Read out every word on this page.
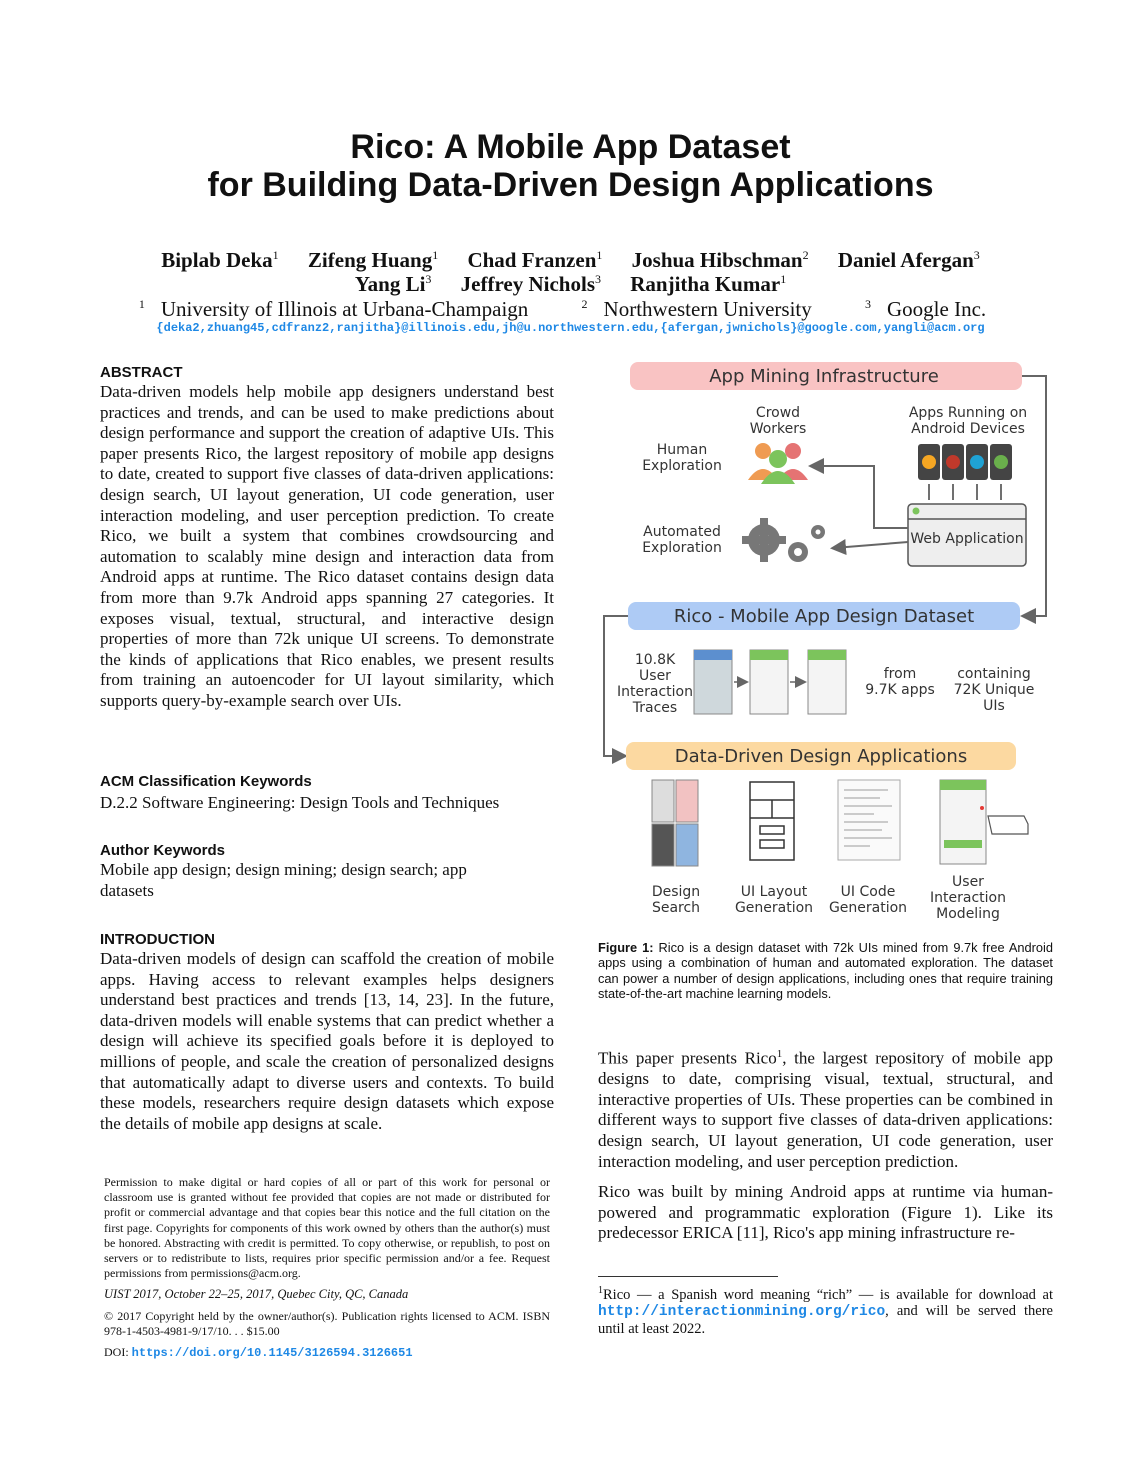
Rico: A Mobile App Dataset
for Building Data-Driven Design Applications
Biplab Deka$^1$ Zifeng Huang$^1$ Chad Franzen$^1$ Joshua Hibschman$^2$ Daniel Afergan$^3$
Yang Li$^3$ Jeffrey Nichols$^3$ Ranjitha Kumar$^1$
$^1$ University of Illinois at Urbana-Champaign	$^2$ Northwestern University	$^3$ Google Inc.
{deka2,zhuang45,cdfranz2,ranjitha}@illinois.edu,jh@u.northwestern.edu,{afergan,jwnichols}@google.com,yangli@acm.org
ABSTRACT

Data-driven models help mobile app designers understand best practices and trends, and can be used to make predictions about design performance and support the creation of adaptive UIs. This paper presents Rico, the largest repository of mobile app designs to date, created to support five classes of data-driven applications: design search, UI layout generation, UI code generation, user interaction modeling, and user perception prediction. To create Rico, we built a system that combines crowdsourcing and automation to scalably mine design and interaction data from Android apps at runtime. The Rico dataset contains design data from more than 9.7k Android apps spanning 27 categories. It exposes visual, textual, structural, and interactive design properties of more than 72k unique UI screens. To demonstrate the kinds of applications that Rico enables, we present results from training an autoencoder for UI layout similarity, which supports query-by-example search over UIs.

ACM Classification Keywords

D.2.2 Software Engineering: Design Tools and Techniques

Author Keywords

Mobile app design; design mining; design search; app datasets

INTRODUCTION

Data-driven models of design can scaffold the creation of mobile apps. Having access to relevant examples helps designers understand best practices and trends [13, 14, 23]. In the future, data-driven models will enable systems that can predict whether a design will achieve its specified goals before it is deployed to millions of people, and scale the creation of personalized designs that automatically adapt to diverse users and contexts. To build these models, researchers require design datasets which expose the details of mobile app designs at scale.

Permission to make digital or hard copies of all or part of this work for personal or classroom use is granted without fee provided that copies are not made or distributed for profit or commercial advantage and that copies bear this notice and the full citation on the first page. Copyrights for components of this work owned by others than the author(s) must be honored. Abstracting with credit is permitted. To copy otherwise, or republish, to post on servers or to redistribute to lists, requires prior specific permission and/or a fee. Request permissions from permissions@acm.org.

UIST 2017, October 22–25, 2017, Quebec City, QC, Canada

© 2017 Copyright held by the owner/author(s). Publication rights licensed to ACM. ISBN 978-1-4503-4981-9/17/10. . . $15.00

DOI: https://doi.org/10.1145/3126594.3126651

App Mining Infrastructure
Crowd
Workers
Apps Running on
Android Devices
Human
Exploration
Automated
Exploration
Web Application
Rico - Mobile App Design Dataset
10.8K
User
Interaction
Traces
from
9.7K apps
containing
72K Unique
UIs
Data-Driven Design Applications
Design
Search
UI Layout
Generation
UI Code
Generation
User
Interaction
Modeling
Figure 1: Rico is a design dataset with 72k UIs mined from 9.7k free Android apps using a combination of human and automated exploration. The dataset can power a number of design applications, including ones that require training state-of-the-art machine learning models.

This paper presents Rico$^1$, the largest repository of mobile app designs to date, comprising visual, textual, structural, and interactive properties of UIs. These properties can be combined in different ways to support five classes of data-driven applications: design search, UI layout generation, UI code generation, user interaction modeling, and user perception prediction.

Rico was built by mining Android apps at runtime via human-powered and programmatic exploration (Figure 1). Like its predecessor ERICA [11], Rico's app mining infrastructure re-

$^1$Rico — a Spanish word meaning “rich” — is available for download at http://interactionmining.org/rico, and will be served there until at least 2022.
